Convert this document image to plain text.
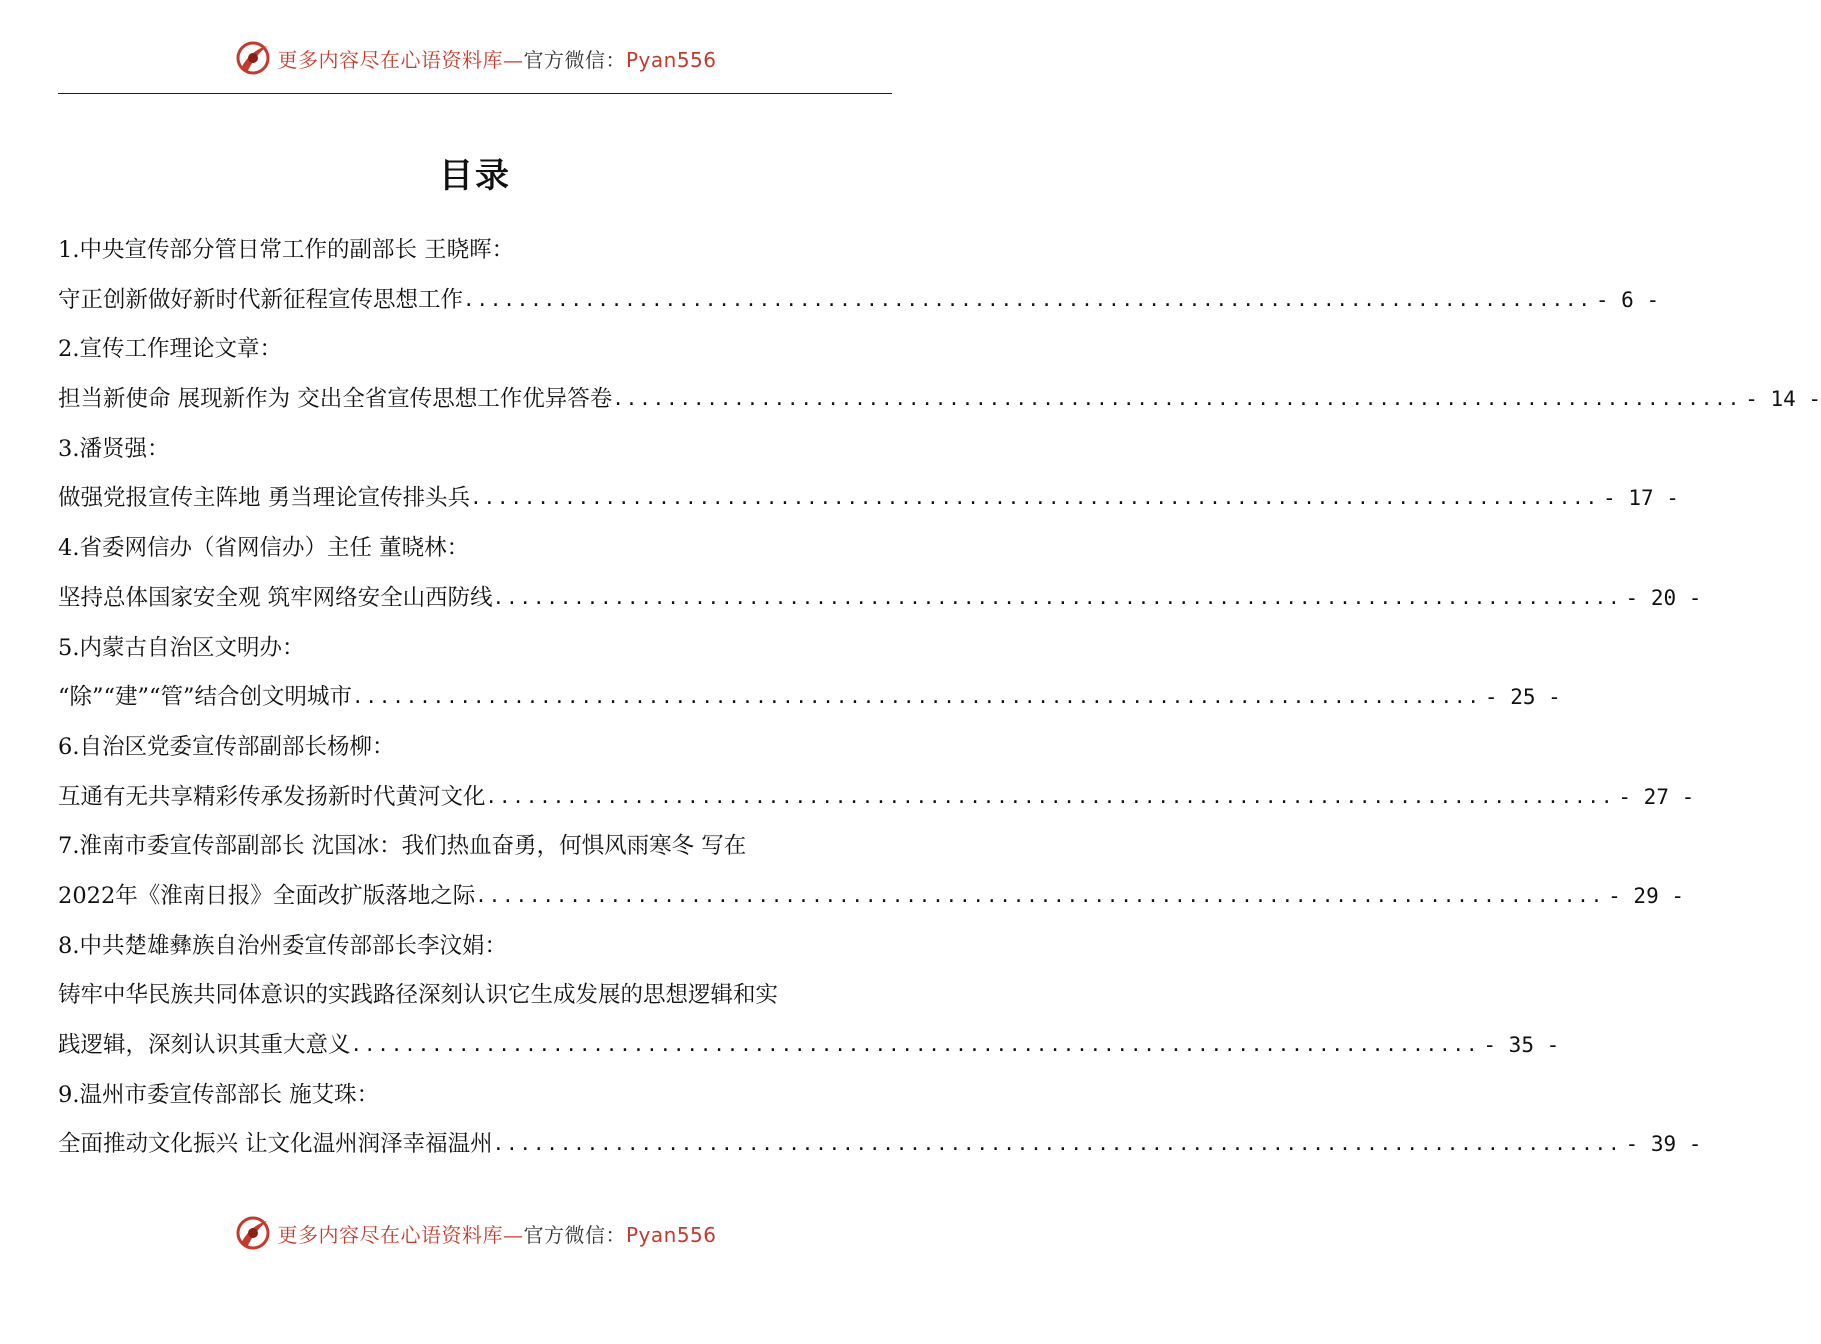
更多内容尽在心语资料库—官方微信：Pyan556
目录
1.中央宣传部分管日常工作的副部长 王晓晖：
守正创新做好新时代新征程宣传思想工作 .................................................................................... - 6 -
2.宣传工作理论文章：
担当新使命 展现新作为 交出全省宣传思想工作优异答卷 .................................................................................... - 14 -
3.潘贤强：
做强党报宣传主阵地 勇当理论宣传排头兵 .................................................................................... - 17 -
4.省委网信办（省网信办）主任 董晓林：
坚持总体国家安全观 筑牢网络安全山西防线 .................................................................................... - 20 -
5.内蒙古自治区文明办：
“除”“建”“管”结合创文明城市 .................................................................................... - 25 -
6.自治区党委宣传部副部长杨柳：
互通有无共享精彩传承发扬新时代黄河文化 .................................................................................... - 27 -
7.淮南市委宣传部副部长 沈国冰：我们热血奋勇，何惧风雨寒冬 写在
2022年《淮南日报》全面改扩版落地之际 .................................................................................... - 29 -
8.中共楚雄彝族自治州委宣传部部长李汶娟：
铸牢中华民族共同体意识的实践路径深刻认识它生成发展的思想逻辑和实
践逻辑，深刻认识其重大意义 .................................................................................... - 35 -
9.温州市委宣传部部长 施艾珠：
全面推动文化振兴 让文化温州润泽幸福温州 .................................................................................... - 39 -
更多内容尽在心语资料库—官方微信：Pyan556
